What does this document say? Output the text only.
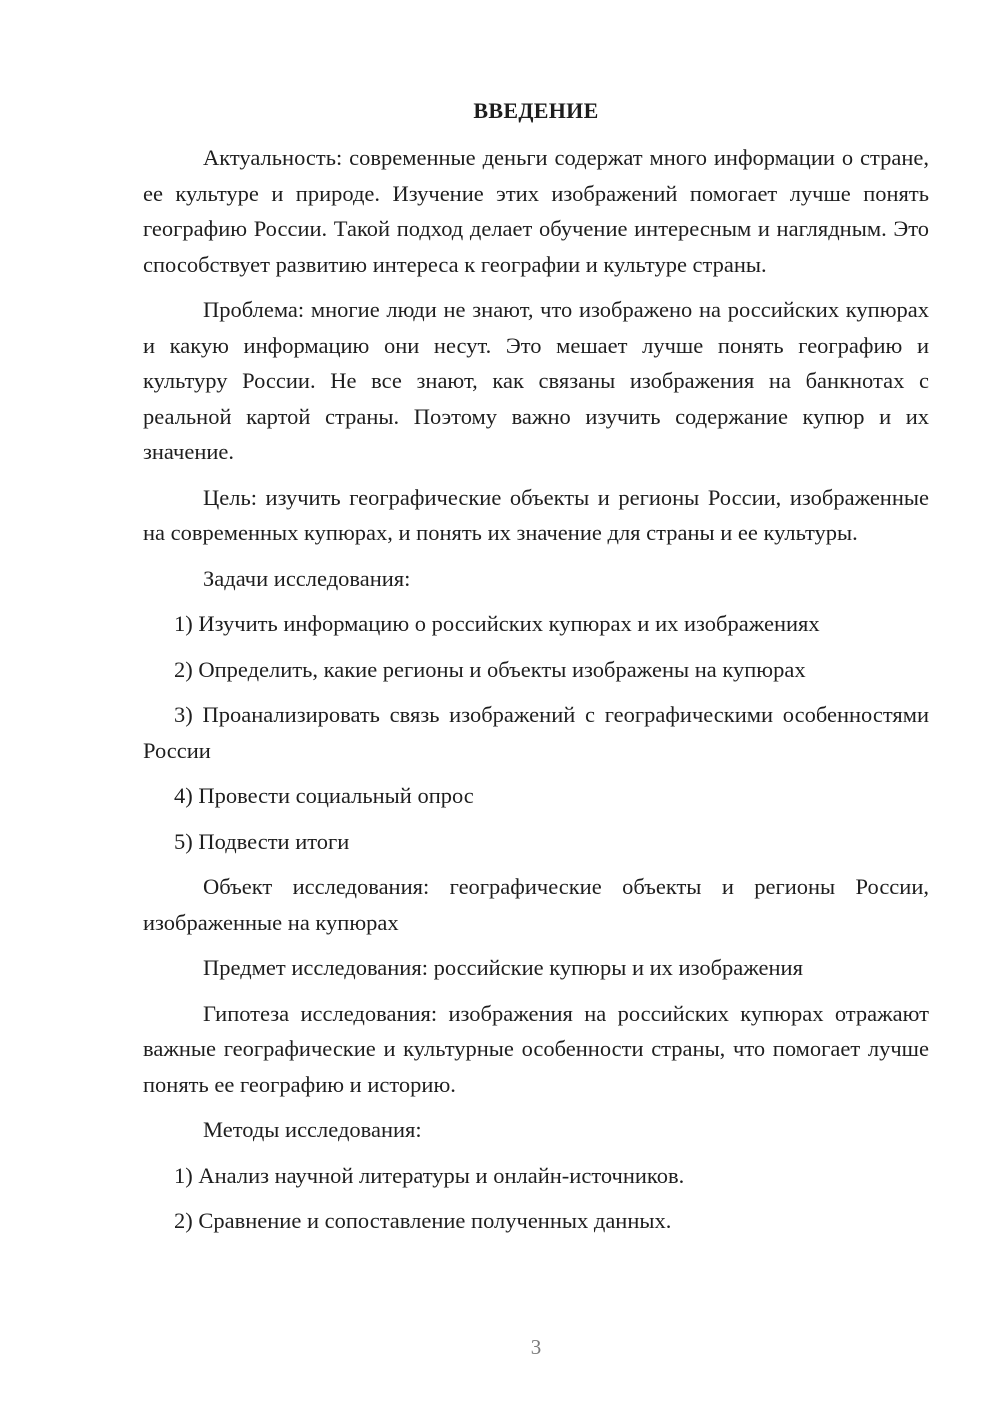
ВВЕДЕНИЕ

Актуальность: современные деньги содержат много информации о стране, ее культуре и природе. Изучение этих изображений помогает лучше понять географию России. Такой подход делает обучение интересным и наглядным. Это способствует развитию интереса к географии и культуре страны.

Проблема: многие люди не знают, что изображено на российских купюрах и какую информацию они несут. Это мешает лучше понять географию и культуру России. Не все знают, как связаны изображения на банкнотах с реальной картой страны. Поэтому важно изучить содержание купюр и их значение.

Цель: изучить географические объекты и регионы России, изображенные на современных купюрах, и понять их значение для страны и ее культуры.

Задачи исследования:

1) Изучить информацию о российских купюрах и их изображениях

2) Определить, какие регионы и объекты изображены на купюрах

3) Проанализировать связь изображений с географическими особенностями России

4) Провести социальный опрос

5) Подвести итоги

Объект исследования: географические объекты и регионы России, изображенные на купюрах

Предмет исследования: российские купюры и их изображения

Гипотеза исследования: изображения на российских купюрах отражают важные географические и культурные особенности страны, что помогает лучше понять ее географию и историю.

Методы исследования:

1) Анализ научной литературы и онлайн-источников.

2) Сравнение и сопоставление полученных данных.

3
